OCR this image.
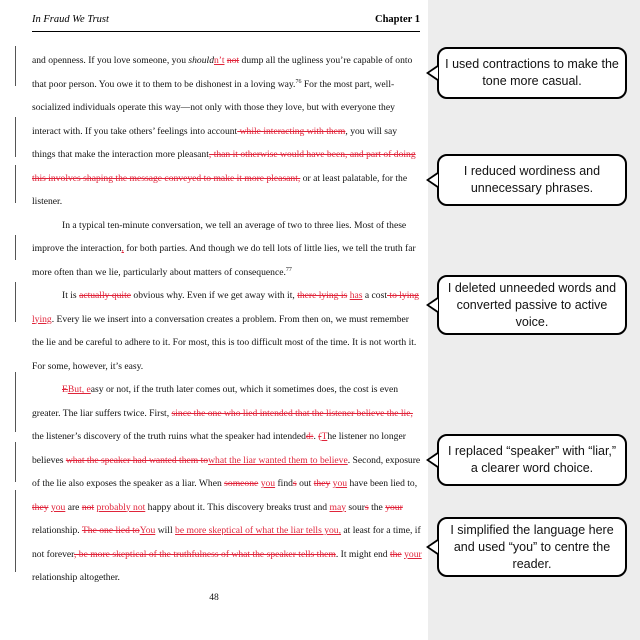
In Fraud We Trust	Chapter 1

and openness. If you love someone, you shouldn’t not dump all the ugliness you’re capable of onto that poor person. You owe it to them to be dishonest in a loving way.$^{76}$ For the most part, well-socialized individuals operate this way—not only with those they love, but with everyone they interact with. If you take others’ feelings into account while interacting with them, you will say things that make the interaction more pleasant, than it otherwise would have been, and part of doing this involves shaping the message conveyed to make it more pleasant, or at least palatable, for the listener.

In a typical ten-minute conversation, we tell an average of two to three lies. Most of these improve the interaction, for both parties. And though we do tell lots of little lies, we tell the truth far more often than we lie, particularly about matters of consequence.$^{77}$

It is actually quite obvious why. Even if we get away with it, there lying is has a cost to lying lying. Every lie we insert into a conversation creates a problem. From then on, we must remember the lie and be careful to adhere to it. For most, this is too difficult most of the time. It is not worth it. For some, however, it’s easy.

EBut, easy or not, if the truth later comes out, which it sometimes does, the cost is even greater. The liar suffers twice. First, since the one who lied intended that the listener believe the lie, the listener’s discovery of the truth ruins what the speaker had intendedd:. (The listener no longer believes what the speaker had wanted them towhat the liar wanted them to believe. Second, exposure of the lie also exposes the speaker as a liar. When someone you finds out they you have been lied to, they you are not probably not happy about it. This discovery breaks trust and may sours the your relationship. The one lied toYou will be more skeptical of what the liar tells you, at least for a time, if not forever, be more skeptical of the truthfulness of what the speaker tells them. It might end the your relationship altogether.

48
I used contractions to make the tone more casual.
I reduced wordiness and unnecessary phrases.
I deleted unneeded words and converted passive to active voice.
I replaced “speaker” with “liar,” a clearer word choice.
I simplified the language here and used “you” to centre the reader.
